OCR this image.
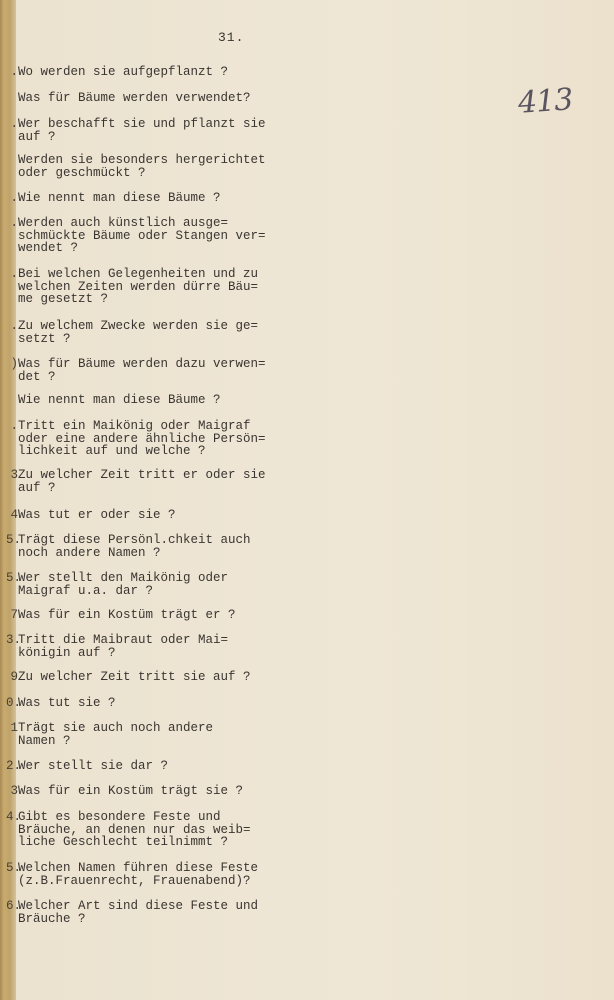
31.
413
. Wo werden sie aufgepflanzt ?
Was für Bäume werden verwendet?
. Wer beschafft sie und pflanzt sie
auf ?
Werden sie besonders hergerichtet
oder geschmückt ?
. Wie nennt man diese Bäume ?
. Werden auch künstlich ausge=
schmückte Bäume oder Stangen ver=
wendet ?
. Bei welchen Gelegenheiten und zu
welchen Zeiten werden dürre Bäu=
me gesetzt ?
. Zu welchem Zwecke werden sie ge=
setzt ?
) Was für Bäume werden dazu verwen=
det ?
Wie nennt man diese Bäume ?
. Tritt ein Maikönig oder Maigraf
oder eine andere ähnliche Persön=
lichkeit auf und welche ?
3 Zu welcher Zeit tritt er oder sie
auf ?
4 Was tut er oder sie ?
5.
Trägt diese Persönl.chkeit auch
noch andere Namen ?
5.
Wer stellt den Maikönig oder
Maigraf u.a. dar ?
7 Was für ein Kostüm trägt er ?
3.
Tritt die Maibraut oder Mai=
königin auf ?
9 Zu welcher Zeit tritt sie auf ?
0.
Was tut sie ?
1 Trägt sie auch noch andere
Namen ?
2.
Wer stellt sie dar ?
3 Was für ein Kostüm trägt sie ?
4.
Gibt es besondere Feste und
Bräuche, an denen nur das weib=
liche Geschlecht teilnimmt ?
5.
Welchen Namen führen diese Feste
(z.B.Frauenrecht, Frauenabend)?
6.
Welcher Art sind diese Feste und
Bräuche ?
